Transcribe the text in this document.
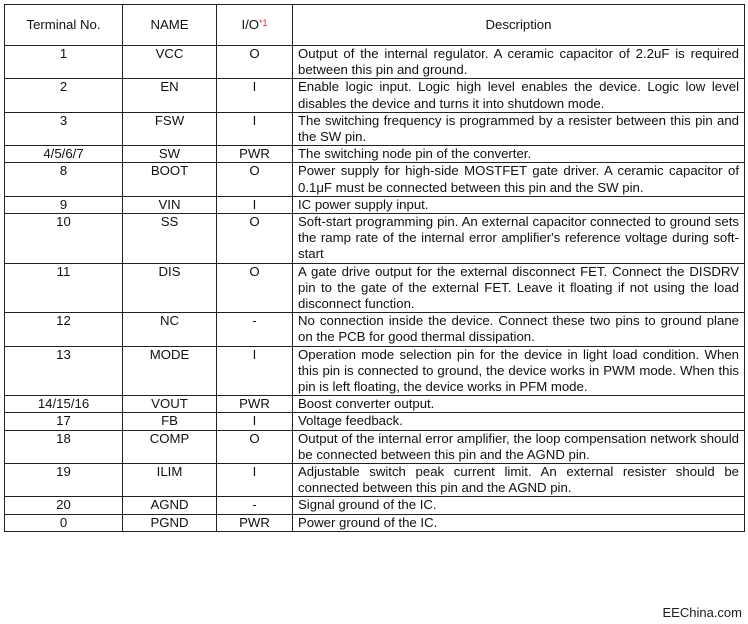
Terminal No.	NAME	I/O$^{*1}$	Description
1	VCC	O	Output of the internal regulator. A ceramic capacitor of 2.2uF is required between this pin and ground.
2	EN	I	Enable logic input. Logic high level enables the device. Logic low level disables the device and turns it into shutdown mode.
3	FSW	I	The switching frequency is programmed by a resister between this pin and the SW pin.
4/5/6/7	SW	PWR	The switching node pin of the converter.
8	BOOT	O	Power supply for high-side MOSTFET gate driver. A ceramic capacitor of 0.1μF must be connected between this pin and the SW pin.
9	VIN	I	IC power supply input.
10	SS	O	Soft-start programming pin. An external capacitor connected to ground sets the ramp rate of the internal error amplifier's reference voltage during soft-start
11	DIS	O	A gate drive output for the external disconnect FET. Connect the DISDRV pin to the gate of the external FET. Leave it floating if not using the load disconnect function.
12	NC	-	No connection inside the device. Connect these two pins to ground plane on the PCB for good thermal dissipation.
13	MODE	I	Operation mode selection pin for the device in light load condition. When this pin is connected to ground, the device works in PWM mode. When this pin is left floating, the device works in PFM mode.
14/15/16	VOUT	PWR	Boost converter output.
17	FB	I	Voltage feedback.
18	COMP	O	Output of the internal error amplifier, the loop compensation network should be connected between this pin and the AGND pin.
19	ILIM	I	Adjustable switch peak current limit. An external resister should be connected between this pin and the AGND pin.
20	AGND	-	Signal ground of the IC.
0	PGND	PWR	Power ground of the IC.
EEChina.com
